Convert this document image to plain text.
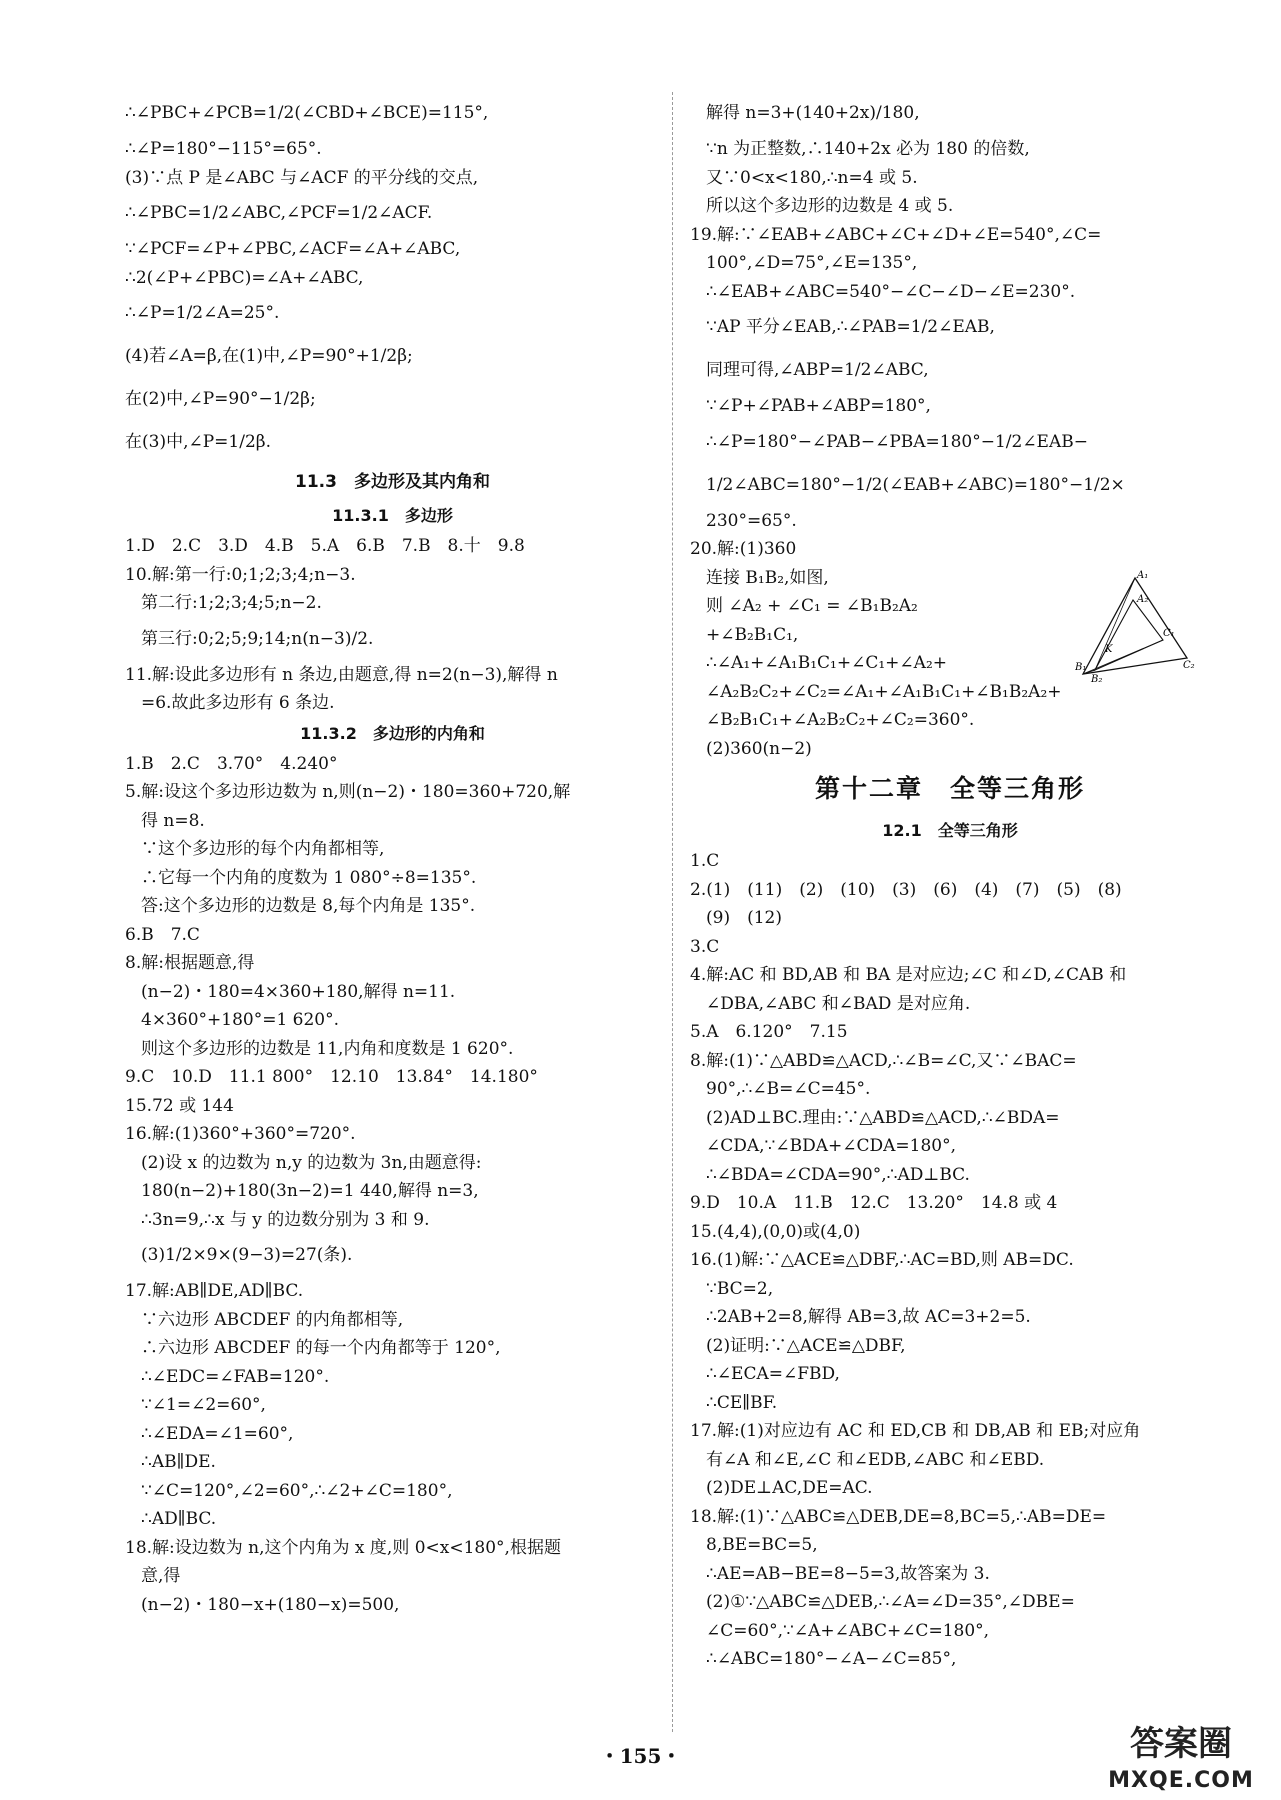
∴∠PBC+∠PCB=1/2(∠CBD+∠BCE)=115°,
∴∠P=180°−115°=65°.
(3)∵点 P 是∠ABC 与∠ACF 的平分线的交点,
∴∠PBC=1/2∠ABC,∠PCF=1/2∠ACF.
∵∠PCF=∠P+∠PBC,∠ACF=∠A+∠ABC,
∴2(∠P+∠PBC)=∠A+∠ABC,
∴∠P=1/2∠A=25°.
(4)若∠A=β,在(1)中,∠P=90°+1/2β;
在(2)中,∠P=90°−1/2β;
在(3)中,∠P=1/2β.
11.3　多边形及其内角和
11.3.1　多边形
1.D　2.C　3.D　4.B　5.A　6.B　7.B　8.十　9.8
10.解:第一行:0;1;2;3;4;n−3.
第二行:1;2;3;4;5;n−2.
第三行:0;2;5;9;14;n(n−3)/2.
11.解:设此多边形有 n 条边,由题意,得 n=2(n−3),解得 n
=6.故此多边形有 6 条边.
11.3.2　多边形的内角和
1.B　2.C　3.70°　4.240°
5.解:设这个多边形边数为 n,则(n−2)・180=360+720,解
得 n=8.
∵这个多边形的每个内角都相等,
∴它每一个内角的度数为 1 080°÷8=135°.
答:这个多边形的边数是 8,每个内角是 135°.
6.B　7.C
8.解:根据题意,得
(n−2)・180=4×360+180,解得 n=11.
4×360°+180°=1 620°.
则这个多边形的边数是 11,内角和度数是 1 620°.
9.C　10.D　11.1 800°　12.10　13.84°　14.180°
15.72 或 144
16.解:(1)360°+360°=720°.
(2)设 x 的边数为 n,y 的边数为 3n,由题意得:
180(n−2)+180(3n−2)=1 440,解得 n=3,
∴3n=9,∴x 与 y 的边数分别为 3 和 9.
(3)1/2×9×(9−3)=27(条).
17.解:AB∥DE,AD∥BC.
∵六边形 ABCDEF 的内角都相等,
∴六边形 ABCDEF 的每一个内角都等于 120°,
∴∠EDC=∠FAB=120°.
∵∠1=∠2=60°,
∴∠EDA=∠1=60°,
∴AB∥DE.
∵∠C=120°,∠2=60°,∴∠2+∠C=180°,
∴AD∥BC.
18.解:设边数为 n,这个内角为 x 度,则 0<x<180°,根据题
意,得
(n−2)・180−x+(180−x)=500,
解得 n=3+(140+2x)/180,
∵n 为正整数,∴140+2x 必为 180 的倍数,
又∵0<x<180,∴n=4 或 5.
所以这个多边形的边数是 4 或 5.
19.解:∵∠EAB+∠ABC+∠C+∠D+∠E=540°,∠C=
100°,∠D=75°,∠E=135°,
∴∠EAB+∠ABC=540°−∠C−∠D−∠E=230°.
∵AP 平分∠EAB,∴∠PAB=1/2∠EAB,
同理可得,∠ABP=1/2∠ABC,
∵∠P+∠PAB+∠ABP=180°,
∴∠P=180°−∠PAB−∠PBA=180°−1/2∠EAB−
1/2∠ABC=180°−1/2(∠EAB+∠ABC)=180°−1/2×
230°=65°.
20.解:(1)360
连接 B₁B₂,如图,
则 ∠A₂ + ∠C₁ = ∠B₁B₂A₂
+∠B₂B₁C₁,
∴∠A₁+∠A₁B₁C₁+∠C₁+∠A₂+
∠A₂B₂C₂+∠C₂=∠A₁+∠A₁B₁C₁+∠B₁B₂A₂+
∠B₂B₁C₁+∠A₂B₂C₂+∠C₂=360°.
(2)360(n−2)
第十二章　全等三角形
12.1　全等三角形
1.C
2.(1)　(11)　(2)　(10)　(3)　(6)　(4)　(7)　(5)　(8)
(9)　(12)
3.C
4.解:AC 和 BD,AB 和 BA 是对应边;∠C 和∠D,∠CAB 和
∠DBA,∠ABC 和∠BAD 是对应角.
5.A　6.120°　7.15
8.解:(1)∵△ABD≌△ACD,∴∠B=∠C,又∵∠BAC=
90°,∴∠B=∠C=45°.
(2)AD⊥BC.理由:∵△ABD≌△ACD,∴∠BDA=
∠CDA,∵∠BDA+∠CDA=180°,
∴∠BDA=∠CDA=90°,∴AD⊥BC.
9.D　10.A　11.B　12.C　13.20°　14.8 或 4
15.(4,4),(0,0)或(4,0)
16.(1)解:∵△ACE≌△DBF,∴AC=BD,则 AB=DC.
∵BC=2,
∴2AB+2=8,解得 AB=3,故 AC=3+2=5.
(2)证明:∵△ACE≌△DBF,
∴∠ECA=∠FBD,
∴CE∥BF.
17.解:(1)对应边有 AC 和 ED,CB 和 DB,AB 和 EB;对应角
有∠A 和∠E,∠C 和∠EDB,∠ABC 和∠EBD.
(2)DE⊥AC,DE=AC.
18.解:(1)∵△ABC≌△DEB,DE=8,BC=5,∴AB=DE=
8,BE=BC=5,
∴AE=AB−BE=8−5=3,故答案为 3.
(2)①∵△ABC≌△DEB,∴∠A=∠D=35°,∠DBE=
∠C=60°,∵∠A+∠ABC+∠C=180°,
∴∠ABC=180°−∠A−∠C=85°,
A₁
A₂
K
C₁
C₂
B₁
B₂
・155・	答案圈
MXQE.COM
